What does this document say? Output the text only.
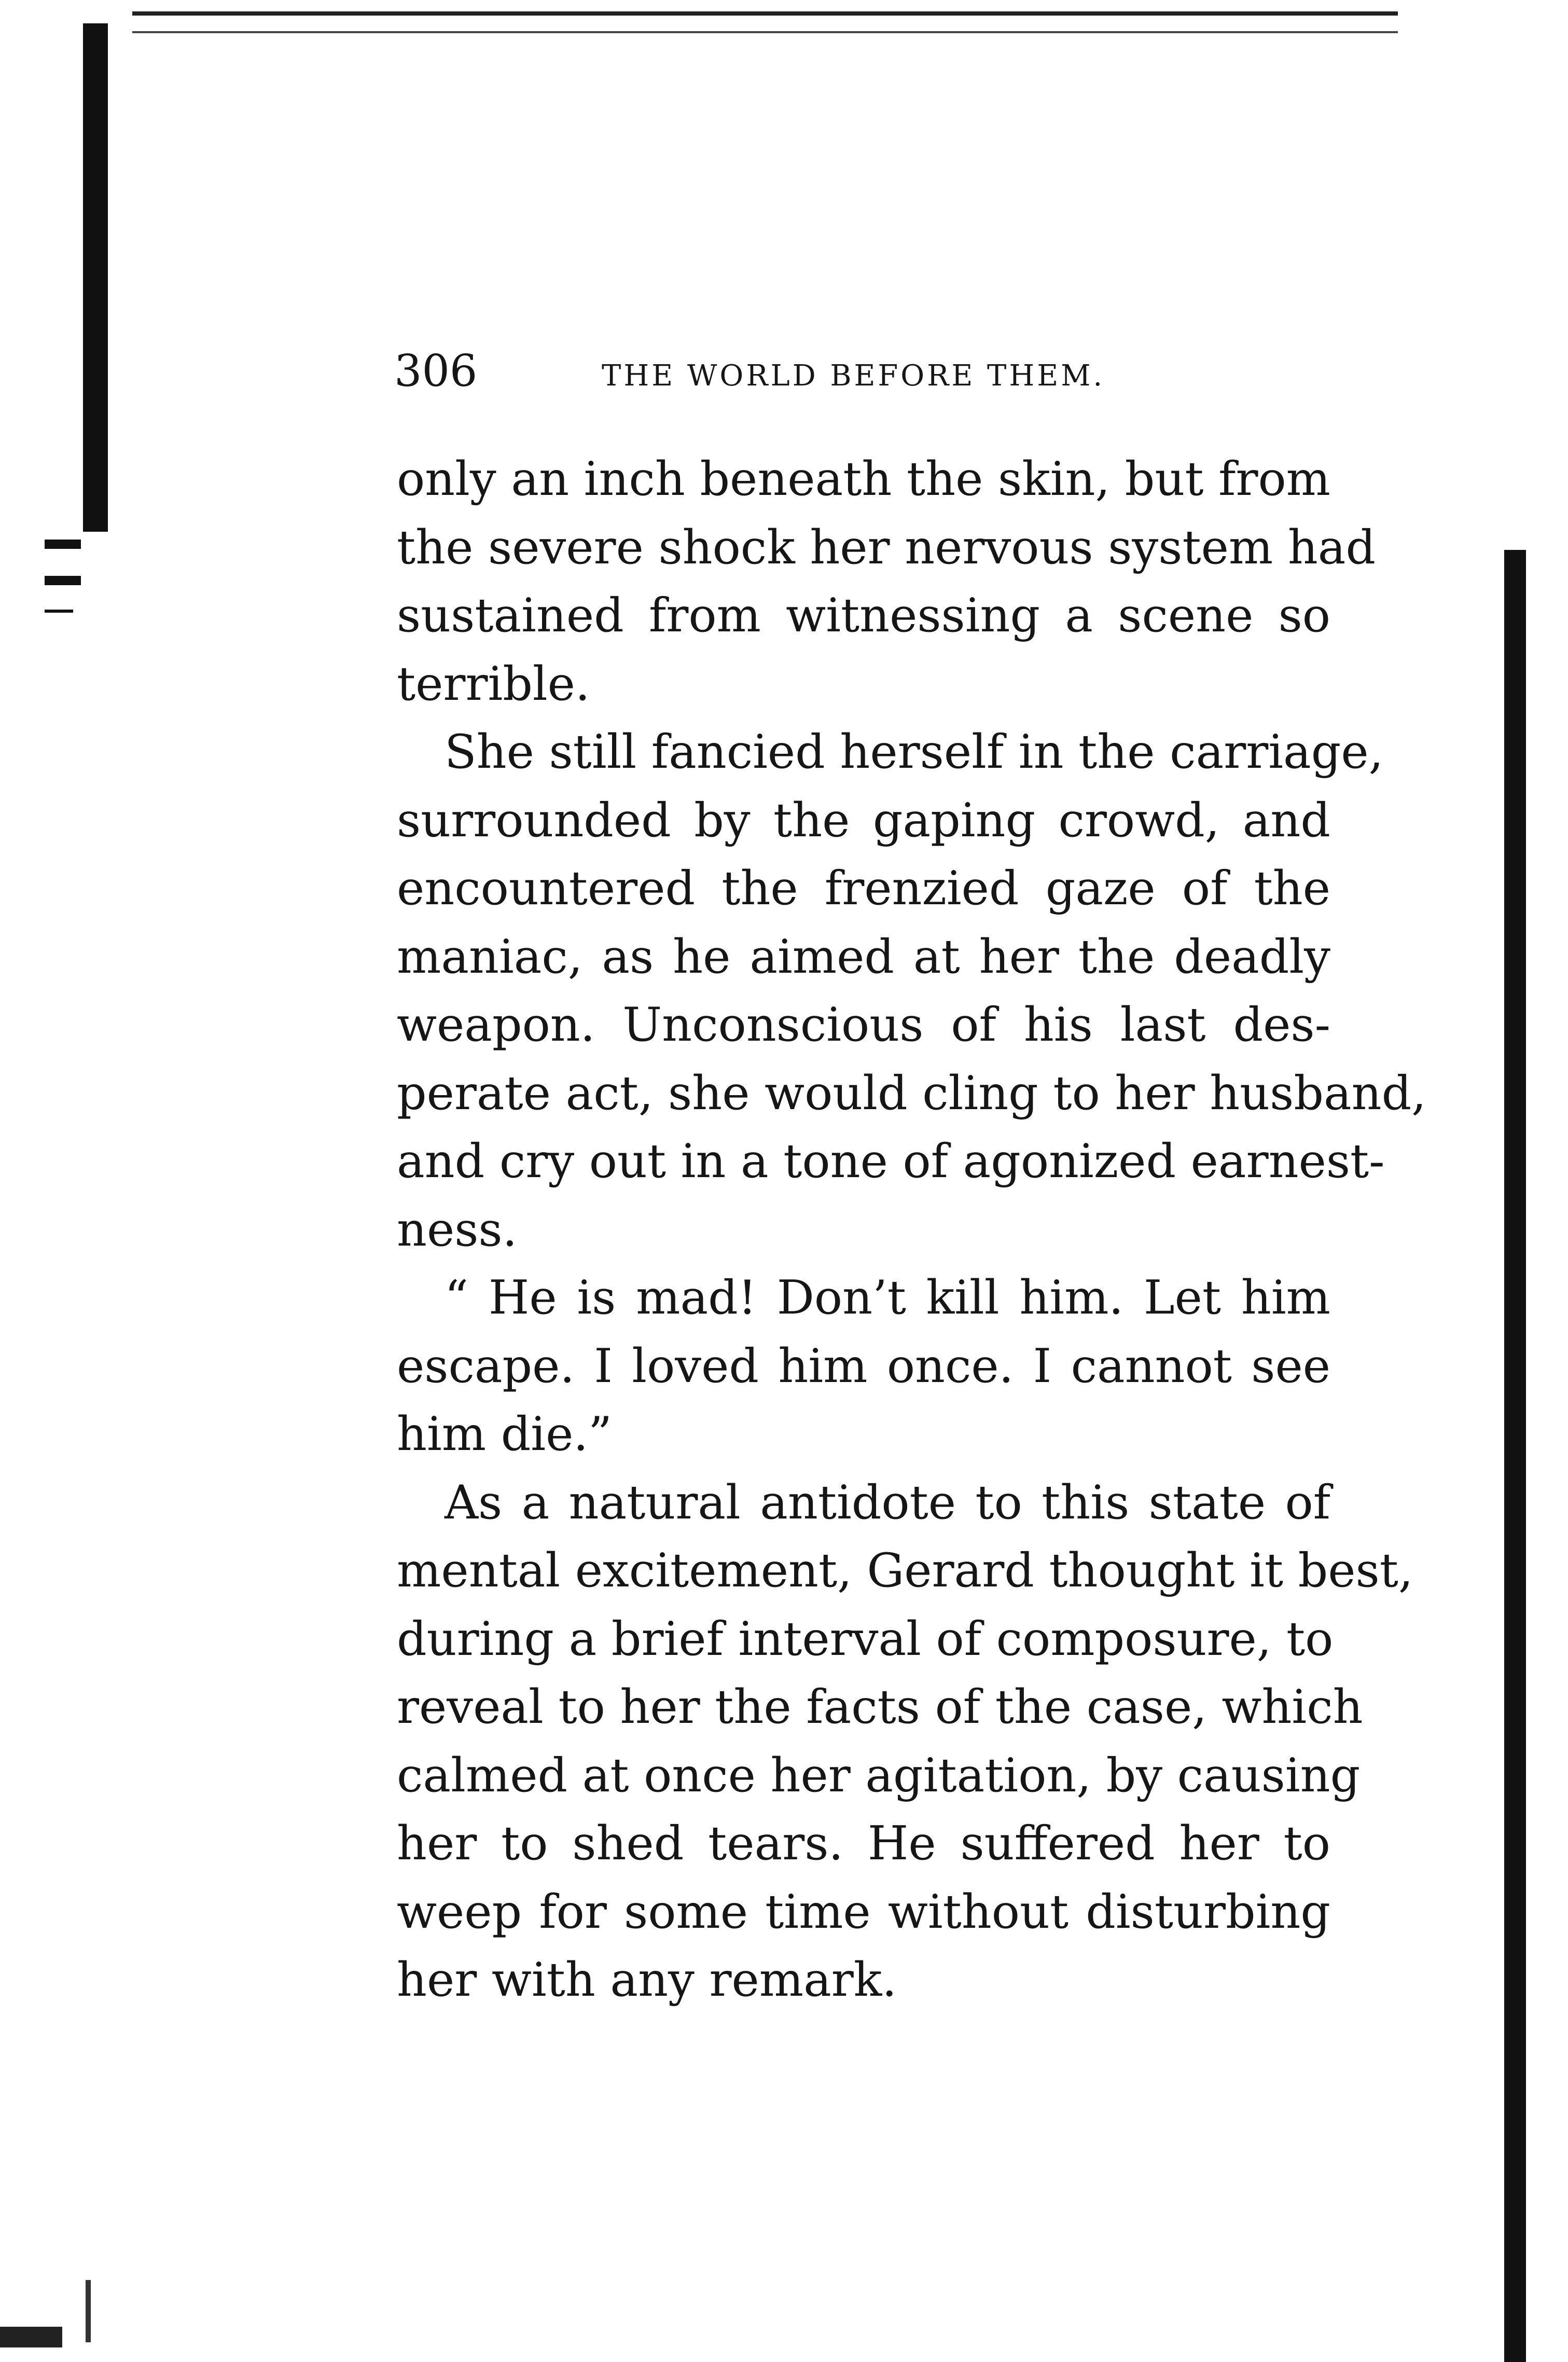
306	THE WORLD BEFORE THEM.
only an inch beneath the skin, but from
the severe shock her nervous system had
sustained from witnessing a scene so
terrible.
She still fancied herself in the carriage,
surrounded by the gaping crowd, and
encountered the frenzied gaze of the
maniac, as he aimed at her the deadly
weapon. Unconscious of his last des-
perate act, she would cling to her husband,
and cry out in a tone of agonized earnest-
ness.
“ He is mad! Don’t kill him. Let him
escape. I loved him once. I cannot see
him die.”
As a natural antidote to this state of
mental excitement, Gerard thought it best,
during a brief interval of composure, to
reveal to her the facts of the case, which
calmed at once her agitation, by causing
her to shed tears. He suffered her to
weep for some time without disturbing
her with any remark.
